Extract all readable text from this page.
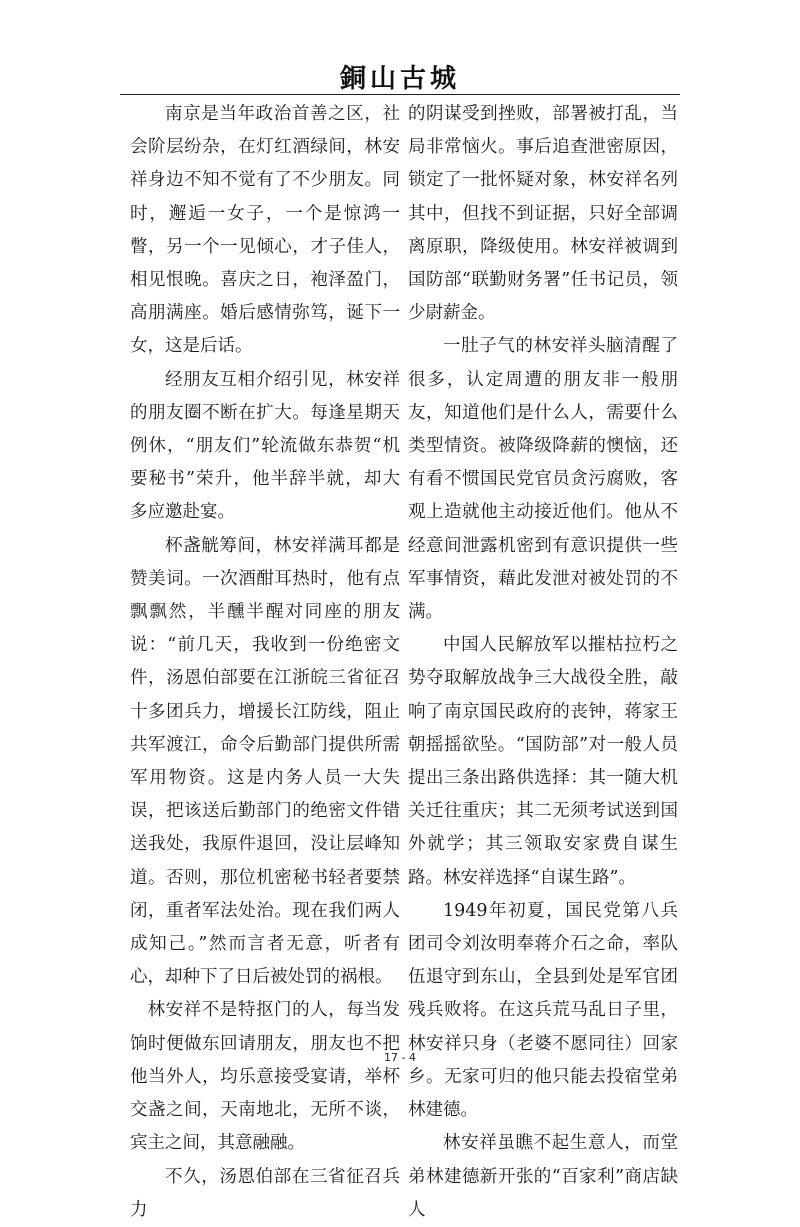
銅山古城

南京是当年政治首善之区，社会阶层纷杂，在灯红酒绿间，林安祥身边不知不觉有了不少朋友。同时，邂逅一女子，一个是惊鸿一瞥，另一个一见倾心，才子佳人，相见恨晚。喜庆之日，袍泽盈门，高朋满座。婚后感情弥笃，诞下一女，这是后话。

经朋友互相介绍引见，林安祥的朋友圈不断在扩大。每逢星期天例休，“朋友们”轮流做东恭贺“机要秘书”荣升，他半辞半就，却大多应邀赴宴。

杯盏觥筹间，林安祥满耳都是赞美词。一次酒酣耳热时，他有点飘飘然，半醺半醒对同座的朋友说：“前几天，我收到一份绝密文件，汤恩伯部要在江浙皖三省征召十多团兵力，增援长江防线，阻止共军渡江，命令后勤部门提供所需军用物资。这是内务人员一大失误，把该送后勤部门的绝密文件错送我处，我原件退回，没让层峰知道。否则，那位机密秘书轻者要禁闭，重者军法处治。现在我们两人成知己。”然而言者无意，听者有心，却种下了日后被处罚的祸根。

林安祥不是特抠门的人，每当发饷时便做东回请朋友，朋友也不把他当外人，均乐意接受宴请，举杯交盏之间，天南地北，无所不谈，宾主之间，其意融融。

不久，汤恩伯部在三省征召兵力

的阴谋受到挫败，部署被打乱，当局非常恼火。事后追查泄密原因，锁定了一批怀疑对象，林安祥名列其中，但找不到证据，只好全部调离原职，降级使用。林安祥被调到国防部“联勤财务署”任书记员，领少尉薪金。

一肚子气的林安祥头脑清醒了很多，认定周遭的朋友非一般朋友，知道他们是什么人，需要什么类型情资。被降级降薪的懊恼，还有看不惯国民党官员贪污腐败，客观上造就他主动接近他们。他从不经意间泄露机密到有意识提供一些军事情资，藉此发泄对被处罚的不满。

中国人民解放军以摧枯拉朽之势夺取解放战争三大战役全胜，敲响了南京国民政府的丧钟，蒋家王朝摇摇欲坠。“国防部”对一般人员提出三条出路供选择：其一随大机关迁往重庆；其二无须考试送到国外就学；其三领取安家费自谋生路。林安祥选择“自谋生路”。

1949年初夏，国民党第八兵团司令刘汝明奉蒋介石之命，率队伍退守到东山，全县到处是军官团残兵败将。在这兵荒马乱日子里，林安祥只身（老婆不愿同往）回家乡。无家可归的他只能去投宿堂弟林建德。

林安祥虽瞧不起生意人，而堂弟林建德新开张的“百家利”商店缺人

17 - 4
